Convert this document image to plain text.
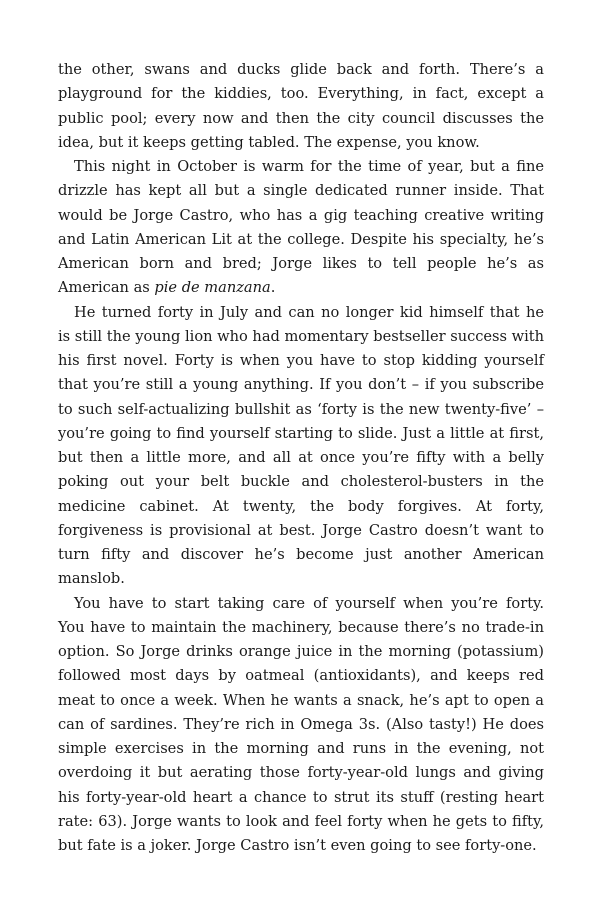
the other, swans and ducks glide back and forth. There’s a
playground for the kiddies, too. Everything, in fact, except a
public pool; every now and then the city council discusses the
idea, but it keeps getting tabled. The expense, you know.

This night in October is warm for the time of year, but a fine
drizzle has kept all but a single dedicated runner inside. That
would be Jorge Castro, who has a gig teaching creative writing
and Latin American Lit at the college. Despite his specialty, he’s
American born and bred; Jorge likes to tell people he’s as
American as pie de manzana.

He turned forty in July and can no longer kid himself that he
is still the young lion who had momentary bestseller success with
his first novel. Forty is when you have to stop kidding yourself
that you’re still a young anything. If you don’t – if you subscribe
to such self-actualizing bullshit as ‘forty is the new twenty-five’ –
you’re going to find yourself starting to slide. Just a little at first,
but then a little more, and all at once you’re fifty with a belly
poking out your belt buckle and cholesterol-busters in the
medicine cabinet. At twenty, the body forgives. At forty,
forgiveness is provisional at best. Jorge Castro doesn’t want to
turn fifty and discover he’s become just another American
manslob.

You have to start taking care of yourself when you’re forty.
You have to maintain the machinery, because there’s no trade-in
option. So Jorge drinks orange juice in the morning (potassium)
followed most days by oatmeal (antioxidants), and keeps red
meat to once a week. When he wants a snack, he’s apt to open a
can of sardines. They’re rich in Omega 3s. (Also tasty!) He does
simple exercises in the morning and runs in the evening, not
overdoing it but aerating those forty-year-old lungs and giving
his forty-year-old heart a chance to strut its stuff (resting heart
rate: 63). Jorge wants to look and feel forty when he gets to fifty,
but fate is a joker. Jorge Castro isn’t even going to see forty-one.
